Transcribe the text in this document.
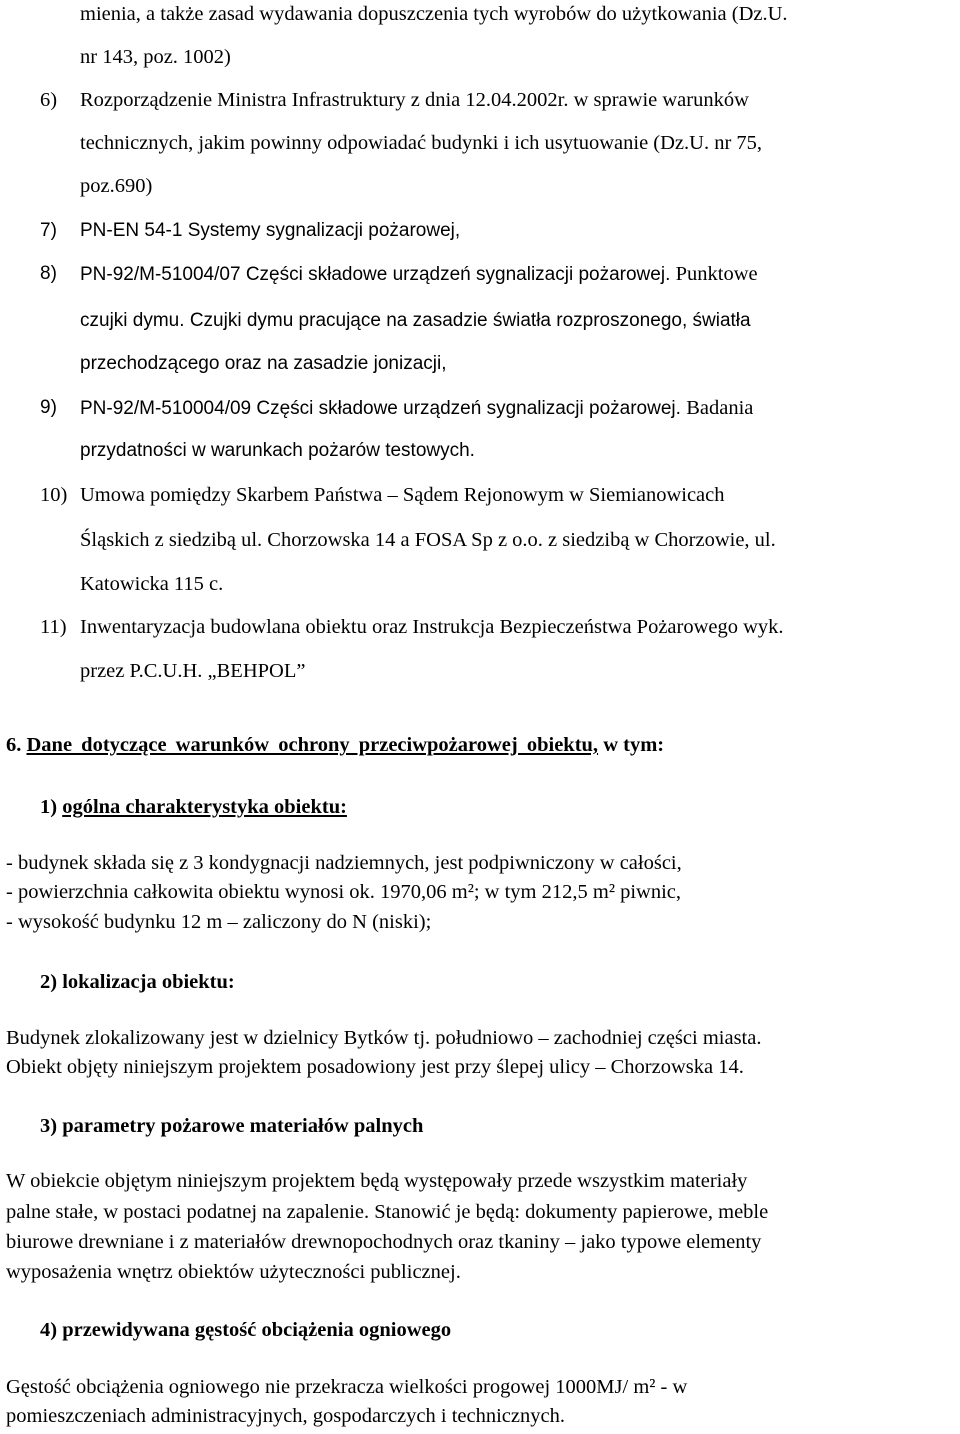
mienia, a także zasad wydawania dopuszczenia tych wyrobów do użytkowania (Dz.U.
nr 143, poz. 1002)
6) Rozporządzenie Ministra Infrastruktury z dnia 12.04.2002r. w sprawie warunków
technicznych, jakim powinny odpowiadać budynki i ich usytuowanie (Dz.U. nr 75,
poz.690)
7) PN-EN 54-1 Systemy sygnalizacji pożarowej,
8) PN-92/M-51004/07 Części składowe urządzeń sygnalizacji pożarowej. Punktowe
czujki dymu. Czujki dymu pracujące na zasadzie światła rozproszonego, światła
przechodzącego oraz na zasadzie jonizacji,
9) PN-92/M-510004/09 Części składowe urządzeń sygnalizacji pożarowej. Badania
przydatności w warunkach pożarów testowych.
10) Umowa pomiędzy Skarbem Państwa – Sądem Rejonowym w Siemianowicach
Śląskich z siedzibą ul. Chorzowska 14 a FOSA Sp z o.o. z siedzibą w Chorzowie, ul.
Katowicka 115 c.
11) Inwentaryzacja budowlana obiektu oraz Instrukcja Bezpieczeństwa Pożarowego wyk.
przez P.C.U.H. „BEHPOL”
6. Dane dotyczące warunków ochrony przeciwpożarowej obiektu, w tym:
1) ogólna charakterystyka obiektu:
- budynek składa się z 3 kondygnacji nadziemnych, jest podpiwniczony w całości,
- powierzchnia całkowita obiektu wynosi ok. 1970,06 m²; w tym 212,5 m² piwnic,
- wysokość budynku 12 m – zaliczony do N (niski);
2) lokalizacja obiektu:
Budynek zlokalizowany jest w dzielnicy Bytków tj. południowo – zachodniej części miasta.
Obiekt objęty niniejszym projektem posadowiony jest przy ślepej ulicy – Chorzowska 14.
3) parametry pożarowe materiałów palnych
W obiekcie objętym niniejszym projektem będą występowały przede wszystkim materiały
palne stałe, w postaci podatnej na zapalenie. Stanowić je będą: dokumenty papierowe, meble
biurowe drewniane i z materiałów drewnopochodnych oraz tkaniny – jako typowe elementy
wyposażenia wnętrz obiektów użyteczności publicznej.
4) przewidywana gęstość obciążenia ogniowego
Gęstość obciążenia ogniowego nie przekracza wielkości progowej 1000MJ/ m² - w
pomieszczeniach administracyjnych, gospodarczych i technicznych.
